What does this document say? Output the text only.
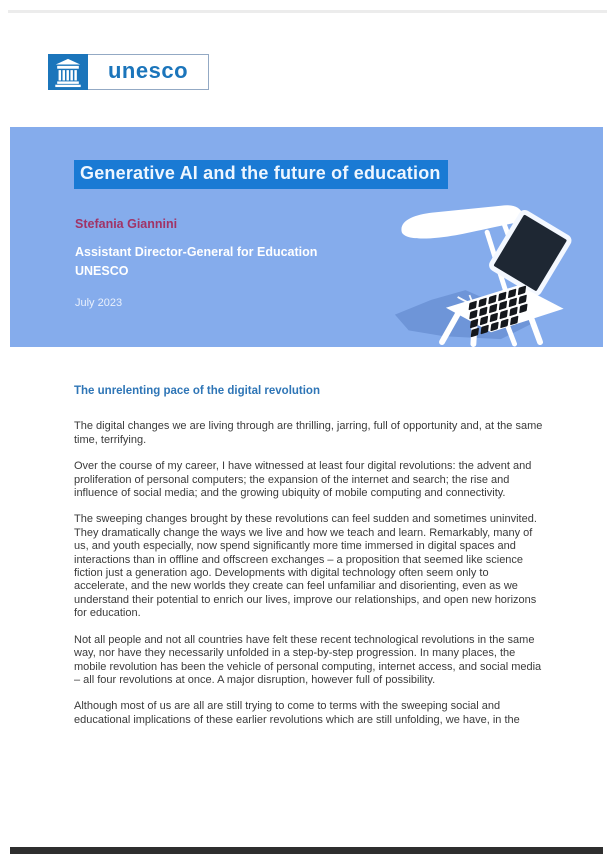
unesco
Generative AI and the future of education
Stefania Giannini
Assistant Director-General for Education
UNESCO
July 2023
The unrelenting pace of the digital revolution

The digital changes we are living through are thrilling, jarring, full of opportunity and, at the same time, terrifying.

Over the course of my career, I have witnessed at least four digital revolutions: the advent and proliferation of personal computers; the expansion of the internet and search; the rise and influence of social media; and the growing ubiquity of mobile computing and connectivity.

The sweeping changes brought by these revolutions can feel sudden and sometimes uninvited. They dramatically change the ways we live and how we teach and learn. Remarkably, many of us, and youth especially, now spend significantly more time immersed in digital spaces and interactions than in offline and offscreen exchanges – a proposition that seemed like science fiction just a generation ago. Developments with digital technology often seem only to accelerate, and the new worlds they create can feel unfamiliar and disorienting, even as we understand their potential to enrich our lives, improve our relationships, and open new horizons for education.

Not all people and not all countries have felt these recent technological revolutions in the same way, nor have they necessarily unfolded in a step-by-step progression. In many places, the mobile revolution has been the vehicle of personal computing, internet access, and social media – all four revolutions at once. A major disruption, however full of possibility.

Although most of us are all are still trying to come to terms with the sweeping social and educational implications of these earlier revolutions which are still unfolding, we have, in the
